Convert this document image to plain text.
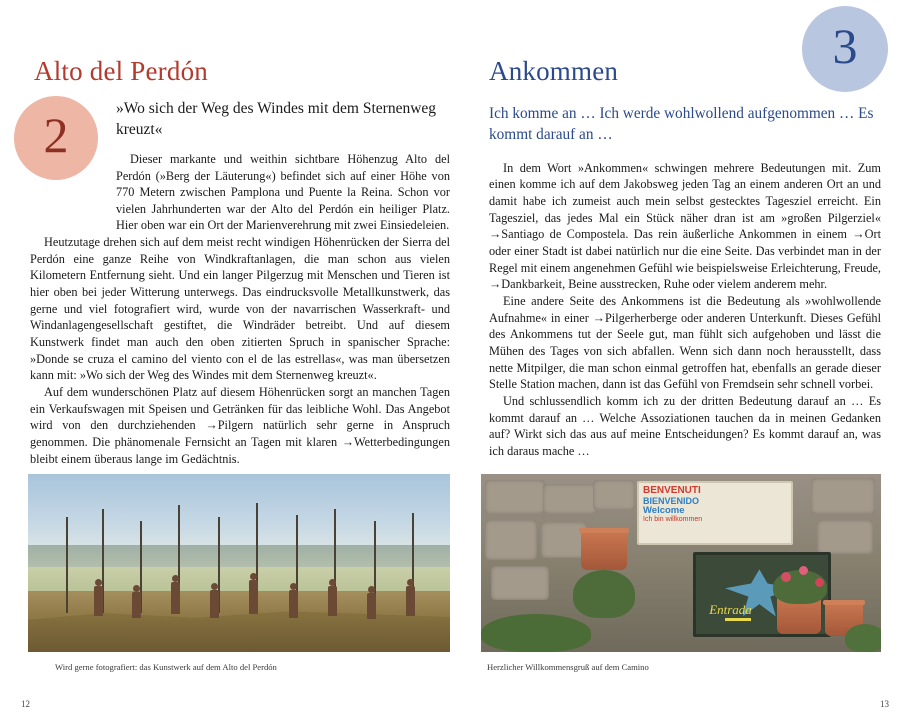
Alto del Perdón
»Wo sich der Weg des Windes mit dem Sternenweg kreuzt«

Dieser markante und weithin sichtbare Höhenzug Alto del Perdón (»Berg der Läuterung«) befindet sich auf einer Höhe von 770 Metern zwischen Pamplona und Puente la Reina. Schon vor vielen Jahrhunderten war der Alto del Perdón ein heiliger Platz. Hier oben war ein Ort der Marienverehrung mit zwei Einsiedeleien.

Heutzutage drehen sich auf dem meist recht windigen Höhenrücken der Sierra del Perdón eine ganze Reihe von Windkraftanlagen, die man schon aus vielen Kilometern Entfernung sieht. Und ein langer Pilgerzug mit Menschen und Tieren ist hier oben bei jeder Witterung unterwegs. Das eindrucksvolle Metallkunstwerk, das gerne und viel fotografiert wird, wurde von der navarrischen Wasserkraft- und Windanlagengesellschaft gestiftet, die Windräder betreibt. Und auf diesem Kunstwerk findet man auch den oben zitierten Spruch in spanischer Sprache: »Donde se cruza el camino del viento con el de las estrellas«, was man übersetzen kann mit: »Wo sich der Weg des Windes mit dem Sternenweg kreuzt«.

Auf dem wunderschönen Platz auf diesem Höhenrücken sorgt an manchen Tagen ein Verkaufswagen mit Speisen und Getränken für das leibliche Wohl. Das Angebot wird von den durchziehenden →Pilgern natürlich sehr gerne in Anspruch genommen. Die phänomenale Fernsicht an Tagen mit klaren →Wetterbedingungen bleibt einem überaus lange im Gedächtnis.

2
Ankommen
Ich komme an … Ich werde wohlwollend aufgenommen … Es kommt darauf an …

In dem Wort »Ankommen« schwingen mehrere Bedeutungen mit. Zum einen komme ich auf dem Jakobsweg jeden Tag an einem anderen Ort an und damit habe ich zumeist auch mein selbst gestecktes Tagesziel erreicht. Ein Tagesziel, das jedes Mal ein Stück näher dran ist am »großen Pilgerziel« →Santiago de Compostela. Das rein äußerliche Ankommen in einem →Ort oder einer Stadt ist dabei natürlich nur die eine Seite. Das verbindet man in der Regel mit einem angenehmen Gefühl wie beispielsweise Erleichterung, Freude, →Dankbarkeit, Beine ausstrecken, Ruhe oder vielem anderem mehr.

Eine andere Seite des Ankommens ist die Bedeutung als »wohlwollende Aufnahme« in einer →Pilgerherberge oder anderen Unterkunft. Dieses Gefühl des Ankommens tut der Seele gut, man fühlt sich aufgehoben und lässt die Mühen des Tages von sich abfallen. Wenn sich dann noch herausstellt, dass nette Mitpilger, die man schon einmal getroffen hat, ebenfalls an gerade dieser Stelle Station machen, dann ist das Gefühl von Fremdsein sehr schnell vorbei.

Und schlussendlich komm ich zu der dritten Bedeutung darauf an … Es kommt darauf an … Welche Assoziationen tauchen da in meinen Gedanken auf? Wirkt sich das aus auf meine Entscheidungen? Es kommt darauf an, was ich daraus mache …

3
Wird gerne fotografiert: das Kunstwerk auf dem Alto del Perdón
BENVENUTI
BIENVENIDO
Welcome
Ich bin willkommen
Entrada
Herzlicher Willkommensgruß auf dem Camino
12	13
